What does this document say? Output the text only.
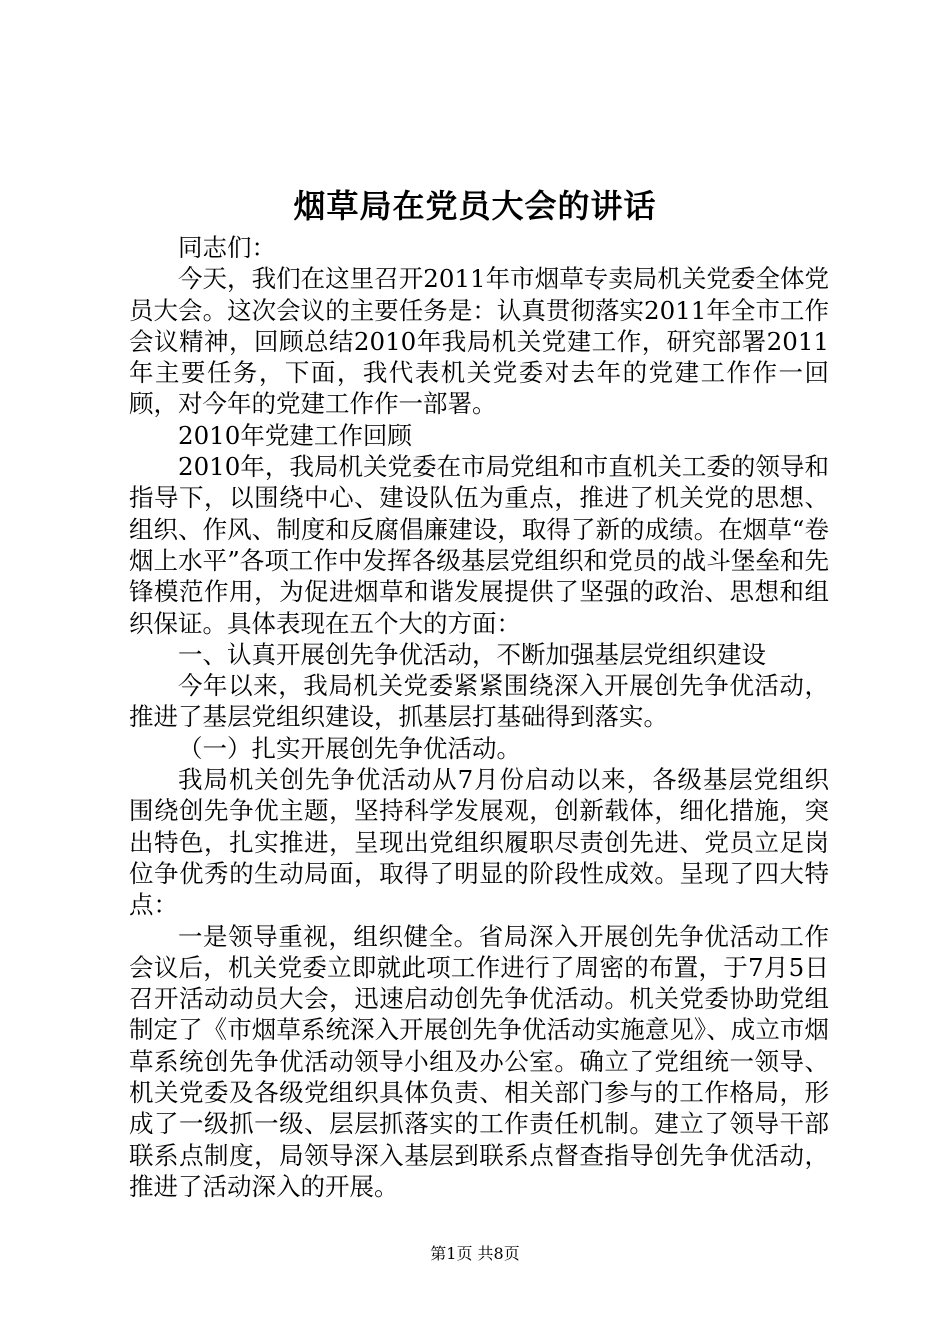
烟草局在党员大会的讲话

同志们：

今天，我们在这里召开2011年市烟草专卖局机关党委全体党员大会。这次会议的主要任务是：认真贯彻落实2011年全市工作会议精神，回顾总结2010年我局机关党建工作，研究部署2011年主要任务，下面，我代表机关党委对去年的党建工作作一回顾，对今年的党建工作作一部署。

2010年党建工作回顾

2010年，我局机关党委在市局党组和市直机关工委的领导和指导下，以围绕中心、建设队伍为重点，推进了机关党的思想、组织、作风、制度和反腐倡廉建设，取得了新的成绩。在烟草“卷烟上水平”各项工作中发挥各级基层党组织和党员的战斗堡垒和先锋模范作用，为促进烟草和谐发展提供了坚强的政治、思想和组织保证。具体表现在五个大的方面：

一、认真开展创先争优活动，不断加强基层党组织建设

今年以来，我局机关党委紧紧围绕深入开展创先争优活动，推进了基层党组织建设，抓基层打基础得到落实。

（一）扎实开展创先争优活动。

我局机关创先争优活动从7月份启动以来，各级基层党组织围绕创先争优主题，坚持科学发展观，创新载体，细化措施，突出特色，扎实推进，呈现出党组织履职尽责创先进、党员立足岗位争优秀的生动局面，取得了明显的阶段性成效。呈现了四大特点：

一是领导重视，组织健全。省局深入开展创先争优活动工作会议后，机关党委立即就此项工作进行了周密的布置，于7月5日召开活动动员大会，迅速启动创先争优活动。机关党委协助党组制定了《市烟草系统深入开展创先争优活动实施意见》、成立市烟草系统创先争优活动领导小组及办公室。确立了党组统一领导、机关党委及各级党组织具体负责、相关部门参与的工作格局，形成了一级抓一级、层层抓落实的工作责任机制。建立了领导干部联系点制度，局领导深入基层到联系点督查指导创先争优活动，推进了活动深入的开展。

第1页 共8页
